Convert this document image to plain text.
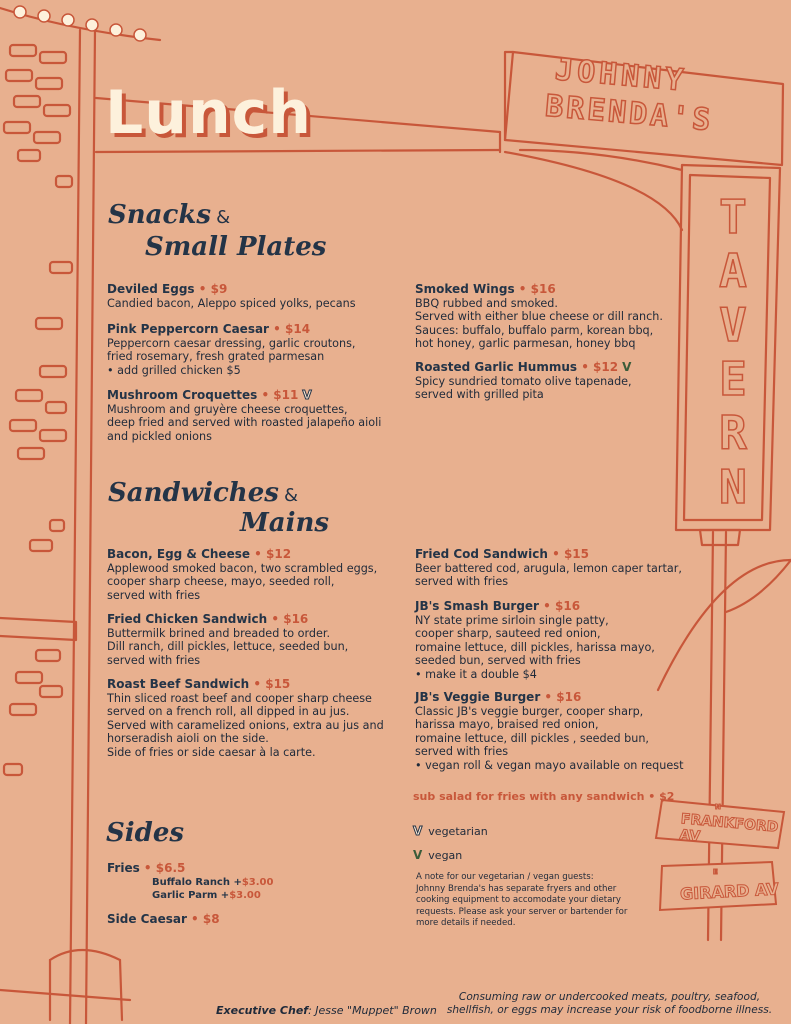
JOHNNY
BRENDA'S
T
A
V
E
R
N
N
FRANKFORD AV
E
GIRARD AV
Lunch
Snacks &
Small Plates
Deviled Eggs • $9
Candied bacon, Aleppo spiced yolks, pecans
Pink Peppercorn Caesar • $14
Peppercorn caesar dressing, garlic croutons,
fried rosemary, fresh grated parmesan
• add grilled chicken $5
Mushroom Croquettes • $11 V
Mushroom and gruyère cheese croquettes,
deep fried and served with roasted jalapeño aioli
and pickled onions
Smoked Wings • $16
BBQ rubbed and smoked.
Served with either blue cheese or dill ranch.
Sauces: buffalo, buffalo parm, korean bbq,
hot honey, garlic parmesan, honey bbq
Roasted Garlic Hummus • $12 V
Spicy sundried tomato olive tapenade,
served with grilled pita
Sandwiches &
Mains
Bacon, Egg & Cheese • $12
Applewood smoked bacon, two scrambled eggs,
cooper sharp cheese, mayo, seeded roll,
served with fries
Fried Chicken Sandwich • $16
Buttermilk brined and breaded to order.
Dill ranch, dill pickles, lettuce, seeded bun,
served with fries
Roast Beef Sandwich • $15
Thin sliced roast beef and cooper sharp cheese
served on a french roll, all dipped in au jus.
Served with caramelized onions, extra au jus and
horseradish aioli on the side.
Side of fries or side caesar à la carte.
Fried Cod Sandwich • $15
Beer battered cod, arugula, lemon caper tartar,
served with fries
JB's Smash Burger • $16
NY state prime sirloin single patty,
cooper sharp, sauteed red onion,
romaine lettuce, dill pickles, harissa mayo,
seeded bun, served with fries
• make it a double $4
JB's Veggie Burger • $16
Classic JB's veggie burger, cooper sharp,
harissa mayo, braised red onion,
romaine lettuce, dill pickles , seeded bun,
served with fries
• vegan roll & vegan mayo available on request
sub salad for fries with any sandwich • $2
Sides
Fries • $6.5
Buffalo Ranch +$3.00
Garlic Parm +$3.00
Side Caesar • $8
V vegetarian
V vegan
A note for our vegetarian / vegan guests:
Johnny Brenda's has separate fryers and other
cooking equipment to accomodate your dietary
requests. Please ask your server or bartender for
more details if needed.
Executive Chef: Jesse "Muppet" Brown
Consuming raw or undercooked meats, poultry, seafood,
shellfish, or eggs may increase your risk of foodborne illness.
